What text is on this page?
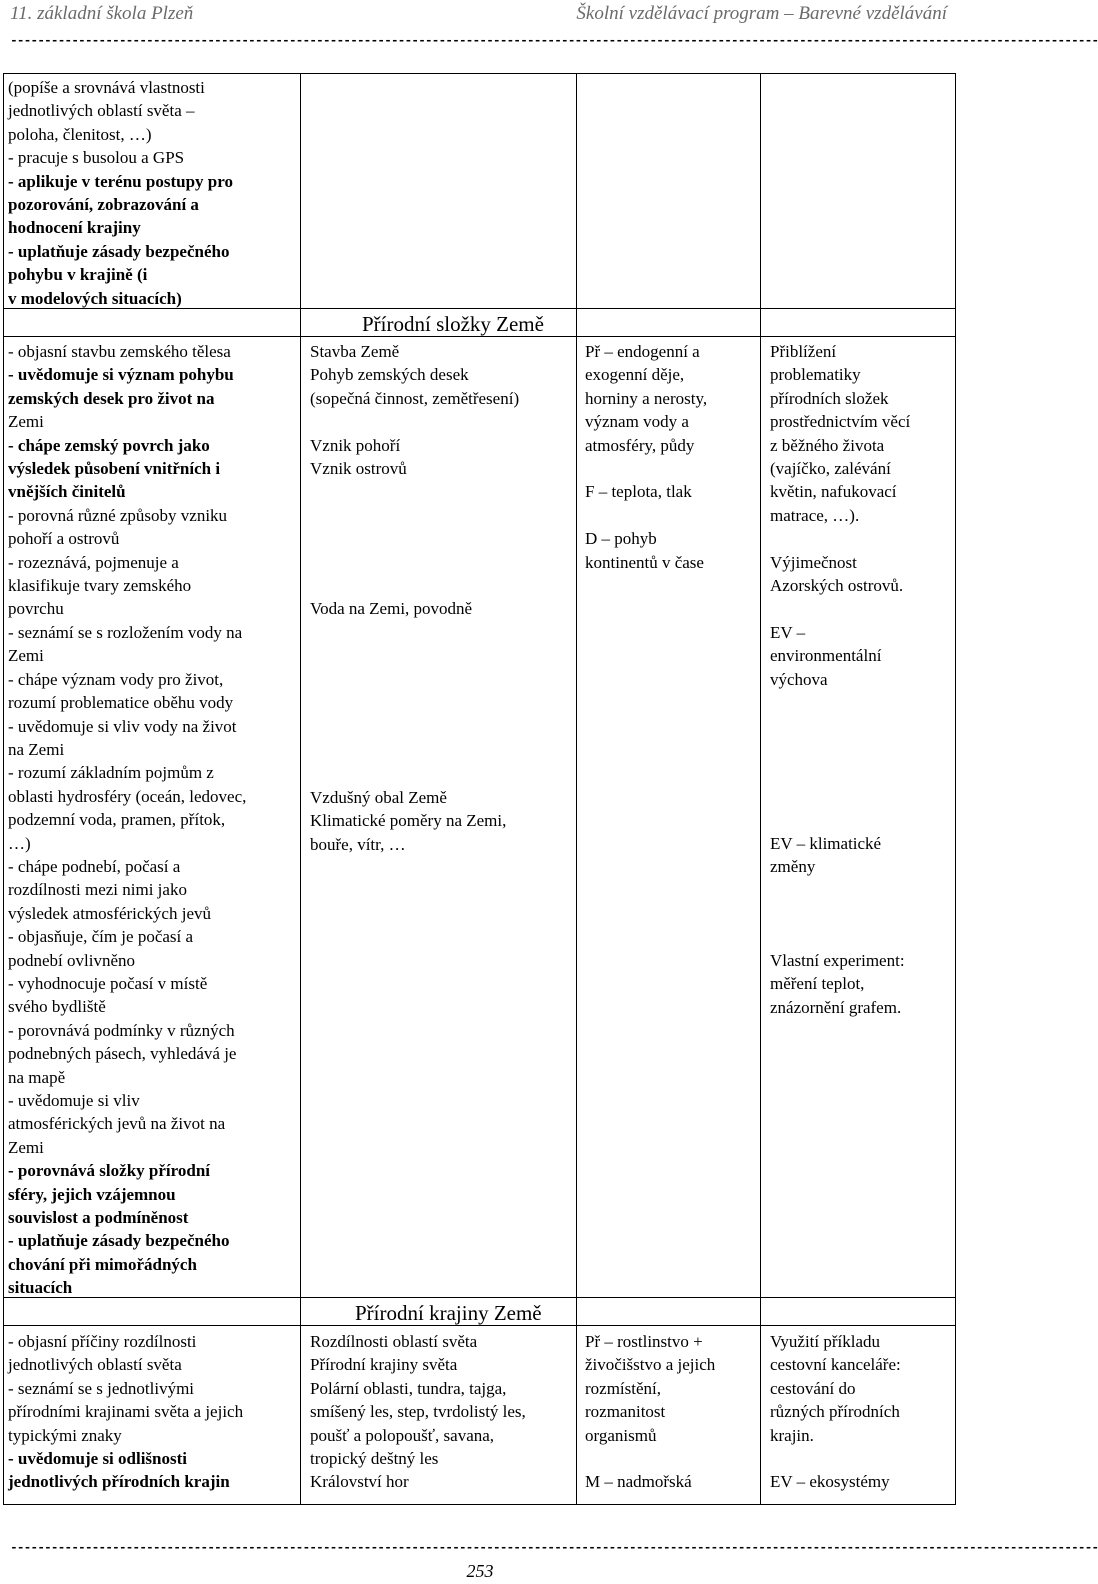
11. základní škola Plzeň	Školní vzdělávací program – Barevné vzdělávání
----------------------------------------------------------------------------------------------------------------------------------------------------------------
Přírodní složky Země
Přírodní krajiny Země
(popíše a srovnává vlastnosti
jednotlivých oblastí světa –
poloha, členitost, …)
- pracuje s busolou a GPS
- aplikuje v terénu postupy pro
pozorování, zobrazování a
hodnocení krajiny
- uplatňuje zásady bezpečného
pohybu v krajině (i
v modelových situacích)
- objasní stavbu zemského tělesa
- uvědomuje si význam pohybu
zemských desek pro život na
Zemi
- chápe zemský povrch jako
výsledek působení vnitřních i
vnějších činitelů
- porovná různé způsoby vzniku
pohoří a ostrovů
- rozeznává, pojmenuje a
klasifikuje tvary zemského
povrchu
- seznámí se s rozložením vody na
Zemi
- chápe význam vody pro život,
rozumí problematice oběhu vody
- uvědomuje si vliv vody na život
na Zemi
- rozumí základním pojmům z
oblasti hydrosféry (oceán, ledovec,
podzemní voda, pramen, přítok,
…)
- chápe podnebí, počasí a
rozdílnosti mezi nimi jako
výsledek atmosférických jevů
- objasňuje, čím je počasí a
podnebí ovlivněno
- vyhodnocuje počasí v místě
svého bydliště
- porovnává podmínky v různých
podnebných pásech, vyhledává je
na mapě
- uvědomuje si vliv
atmosférických jevů na život na
Zemi
- porovnává složky přírodní
sféry, jejich vzájemnou
souvislost a podmíněnost
- uplatňuje zásady bezpečného
chování při mimořádných
situacích
Stavba Země
Pohyb zemských desek
(sopečná činnost, zemětřesení)

Vznik pohoří
Vznik ostrovů
Voda na Zemi, povodně
Vzdušný obal Země
Klimatické poměry na Zemi,
bouře, vítr, …
Př – endogenní a
exogenní děje,
horniny a nerosty,
význam vody a
atmosféry, půdy

F – teplota, tlak

D – pohyb
kontinentů v čase
Přiblížení
problematiky
přírodních složek
prostřednictvím věcí
z běžného života
(vajíčko, zalévání
květin, nafukovací
matrace, …).

Výjimečnost
Azorských ostrovů.

EV –
environmentální
výchova
EV – klimatické
změny
Vlastní experiment:
měření teplot,
znázornění grafem.
- objasní příčiny rozdílnosti
jednotlivých oblastí světa
- seznámí se s jednotlivými
přírodními krajinami světa a jejich
typickými znaky
- uvědomuje si odlišnosti
jednotlivých přírodních krajin
Rozdílnosti oblastí světa
Přírodní krajiny světa
Polární oblasti, tundra, tajga,
smíšený les, step, tvrdolistý les,
poušť a polopoušť, savana,
tropický deštný les
Království hor
Př – rostlinstvo +
živočišstvo a jejich
rozmístění,
rozmanitost
organismů

M – nadmořská
Využití příkladu
cestovní kanceláře:
cestování do
různých přírodních
krajin.

EV – ekosystémy
----------------------------------------------------------------------------------------------------------------------------------------------------------------
253
